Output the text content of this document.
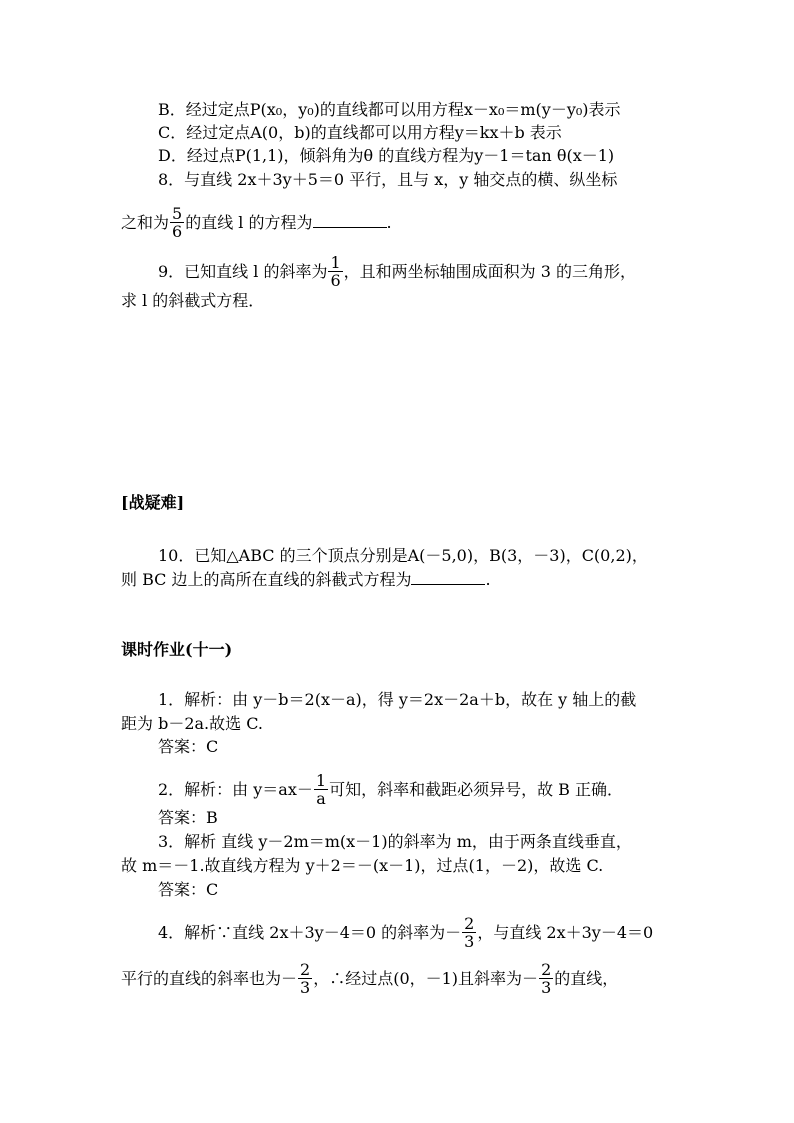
B．经过定点P(x₀，y₀)的直线都可以用方程x－x₀＝m(y－y₀)表示
C．经过定点A(0，b)的直线都可以用方程y＝kx＋b 表示
D．经过点P(1,1)，倾斜角为θ 的直线方程为y－1＝tan θ(x－1)
8．与直线 2x＋3y＋5＝0 平行，且与 x，y 轴交点的横、纵坐标
之和为 $\frac{5}{6}$ 的直线 l 的方程为	.
9．已知直线 l 的斜率为 $\frac{1}{6}$ ，且和两坐标轴围成面积为 3 的三角形，
求 l 的斜截式方程．
[战疑难]
10．已知△ABC 的三个顶点分别是A(－5,0)，B(3，－3)，C(0,2)，
则 BC 边上的高所在直线的斜截式方程为	.
课时作业(十一)
1．解析：由 y－b＝2(x－a)，得 y＝2x－2a＋b，故在 y 轴上的截
距为 b－2a.故选 C.
答案：C
2．解析：由 $y=ax- \frac{1}{a}$ 可知，斜率和截距必须异号，故 B 正确．
答案：B
3．解析 直线 y－2m＝m(x－1)的斜率为 m，由于两条直线垂直，
故 m＝－1.故直线方程为 y＋2＝－(x－1)，过点(1，－2)，故选 C.
答案：C
4．解析∵直线 2x＋3y－4＝0 的斜率为－ $\frac{2}{3}$ ，与直线 2x＋3y－4＝0
平行的直线的斜率也为－ $\frac{2}{3}$ ，∴经过点(0，－1)且斜率为－ $\frac{2}{3}$ 的直线，
